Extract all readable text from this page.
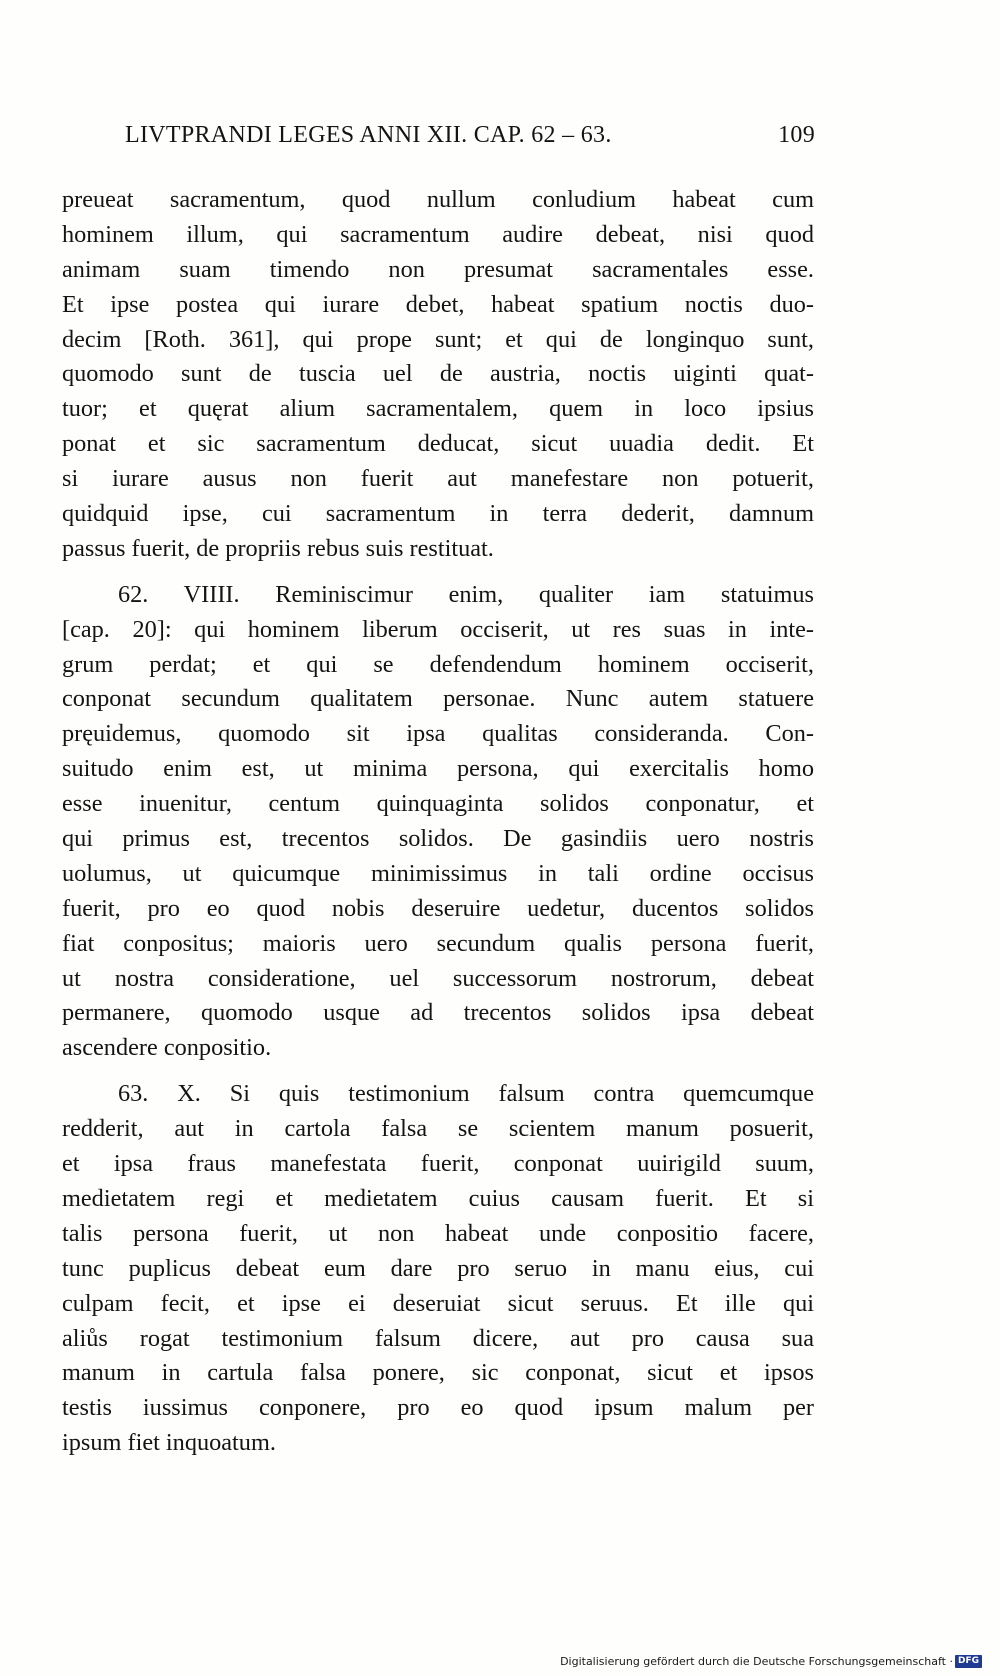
LIVTPRANDI LEGES ANNI XII. CAP. 62 – 63.	109
preueat sacramentum, quod nullum conludium habeat cum
hominem illum, qui sacramentum audire debeat, nisi quod
animam suam timendo non presumat sacramentales esse.
Et ipse postea qui iurare debet, habeat spatium noctis duo-
decim [Roth. 361], qui prope sunt; et qui de longinquo sunt,
quomodo sunt de tuscia uel de austria, noctis uiginti quat-
tuor; et quęrat alium sacramentalem, quem in loco ipsius
ponat et sic sacramentum deducat, sicut uuadia dedit. Et
si iurare ausus non fuerit aut manefestare non potuerit,
quidquid ipse, cui sacramentum in terra dederit, damnum
passus fuerit, de propriis rebus suis restituat.
62. VIIII. Reminiscimur enim, qualiter iam statuimus
[cap. 20]: qui hominem liberum occiserit, ut res suas in inte-
grum perdat; et qui se defendendum hominem occiserit,
conponat secundum qualitatem personae. Nunc autem statuere
pręuidemus, quomodo sit ipsa qualitas consideranda. Con-
suitudo enim est, ut minima persona, qui exercitalis homo
esse inuenitur, centum quinquaginta solidos conponatur, et
qui primus est, trecentos solidos. De gasindiis uero nostris
uolumus, ut quicumque minimissimus in tali ordine occisus
fuerit, pro eo quod nobis deseruire uedetur, ducentos solidos
fiat conpositus; maioris uero secundum qualis persona fuerit,
ut nostra consideratione, uel successorum nostrorum, debeat
permanere, quomodo usque ad trecentos solidos ipsa debeat
ascendere conpositio.
63. X. Si quis testimonium falsum contra quemcumque
redderit, aut in cartola falsa se scientem manum posuerit,
et ipsa fraus manefestata fuerit, conponat uuirigild suum,
medietatem regi et medietatem cuius causam fuerit. Et si
talis persona fuerit, ut non habeat unde conpositio facere,
tunc puplicus debeat eum dare pro seruo in manu eius, cui
culpam fecit, et ipse ei deseruiat sicut seruus. Et ille qui
aliůs rogat testimonium falsum dicere, aut pro causa sua
manum in cartula falsa ponere, sic conponat, sicut et ipsos
testis iussimus conponere, pro eo quod ipsum malum per
ipsum fiet inquoatum.
Digitalisierung gefördert durch die Deutsche Forschungsgemeinschaft · DFG
